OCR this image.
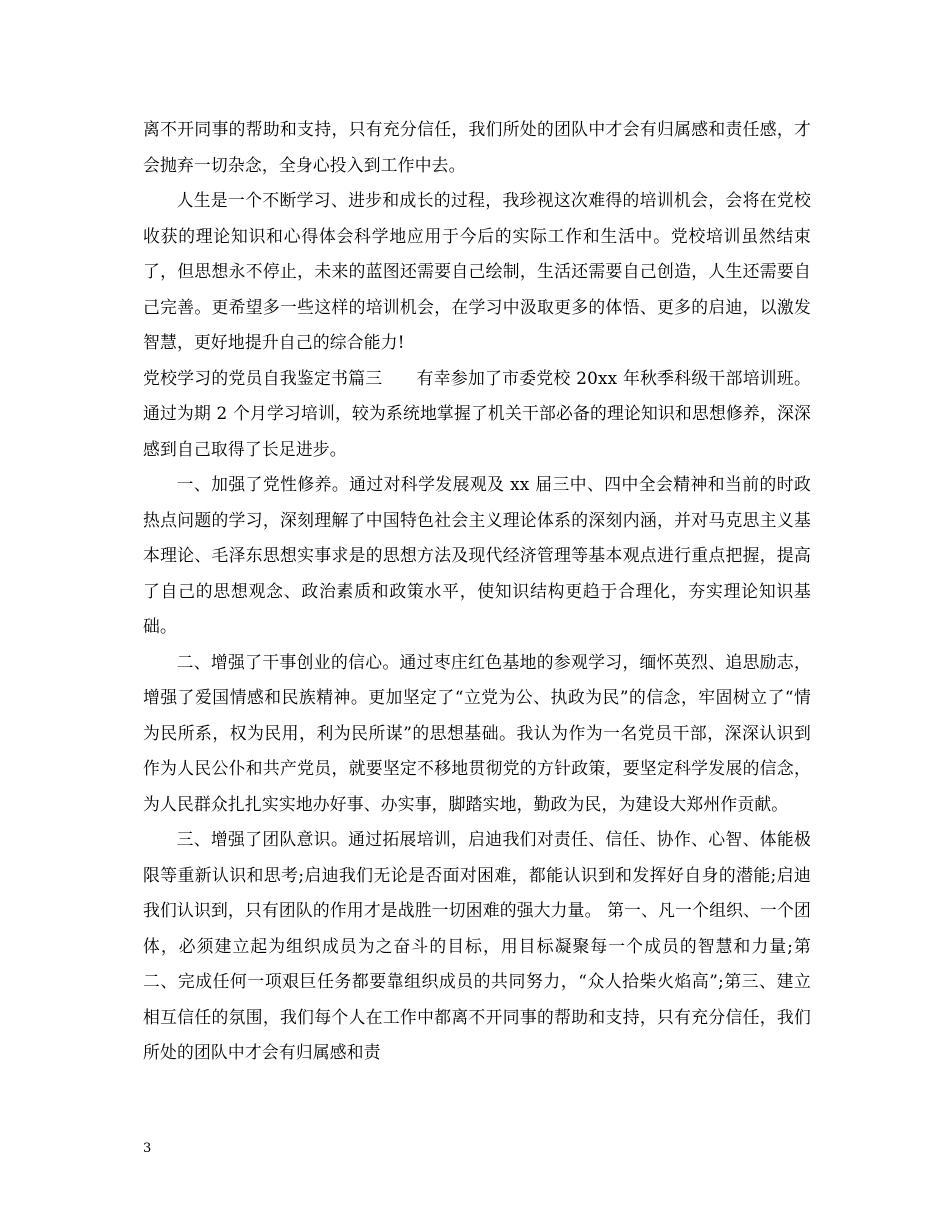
离不开同事的帮助和支持，只有充分信任，我们所处的团队中才会有归属感和责任感，才会抛弃一切杂念，全身心投入到工作中去。

人生是一个不断学习、进步和成长的过程，我珍视这次难得的培训机会，会将在党校收获的理论知识和心得体会科学地应用于今后的实际工作和生活中。党校培训虽然结束了，但思想永不停止，未来的蓝图还需要自己绘制，生活还需要自己创造，人生还需要自己完善。更希望多一些这样的培训机会，在学习中汲取更多的体悟、更多的启迪，以激发智慧，更好地提升自己的综合能力!

党校学习的党员自我鉴定书篇三　　有幸参加了市委党校 20xx 年秋季科级干部培训班。通过为期 2 个月学习培训，较为系统地掌握了机关干部必备的理论知识和思想修养，深深感到自己取得了长足进步。

一、加强了党性修养。通过对科学发展观及 xx 届三中、四中全会精神和当前的时政热点问题的学习，深刻理解了中国特色社会主义理论体系的深刻内涵，并对马克思主义基本理论、毛泽东思想实事求是的思想方法及现代经济管理等基本观点进行重点把握，提高了自己的思想观念、政治素质和政策水平，使知识结构更趋于合理化，夯实理论知识基础。

二、增强了干事创业的信心。通过枣庄红色基地的参观学习，缅怀英烈、追思励志，增强了爱国情感和民族精神。更加坚定了“立党为公、执政为民”的信念，牢固树立了“情为民所系，权为民用，利为民所谋”的思想基础。我认为作为一名党员干部，深深认识到作为人民公仆和共产党员，就要坚定不移地贯彻党的方针政策，要坚定科学发展的信念，为人民群众扎扎实实地办好事、办实事，脚踏实地，勤政为民，为建设大郑州作贡献。

三、增强了团队意识。通过拓展培训，启迪我们对责任、信任、协作、心智、体能极限等重新认识和思考;启迪我们无论是否面对困难，都能认识到和发挥好自身的潜能;启迪我们认识到，只有团队的作用才是战胜一切困难的强大力量。 第一、凡一个组织、一个团体，必须建立起为组织成员为之奋斗的目标，用目标凝聚每一个成员的智慧和力量;第二、完成任何一项艰巨任务都要靠组织成员的共同努力，“众人拾柴火焰高”;第三、建立相互信任的氛围，我们每个人在工作中都离不开同事的帮助和支持，只有充分信任，我们所处的团队中才会有归属感和责

3
